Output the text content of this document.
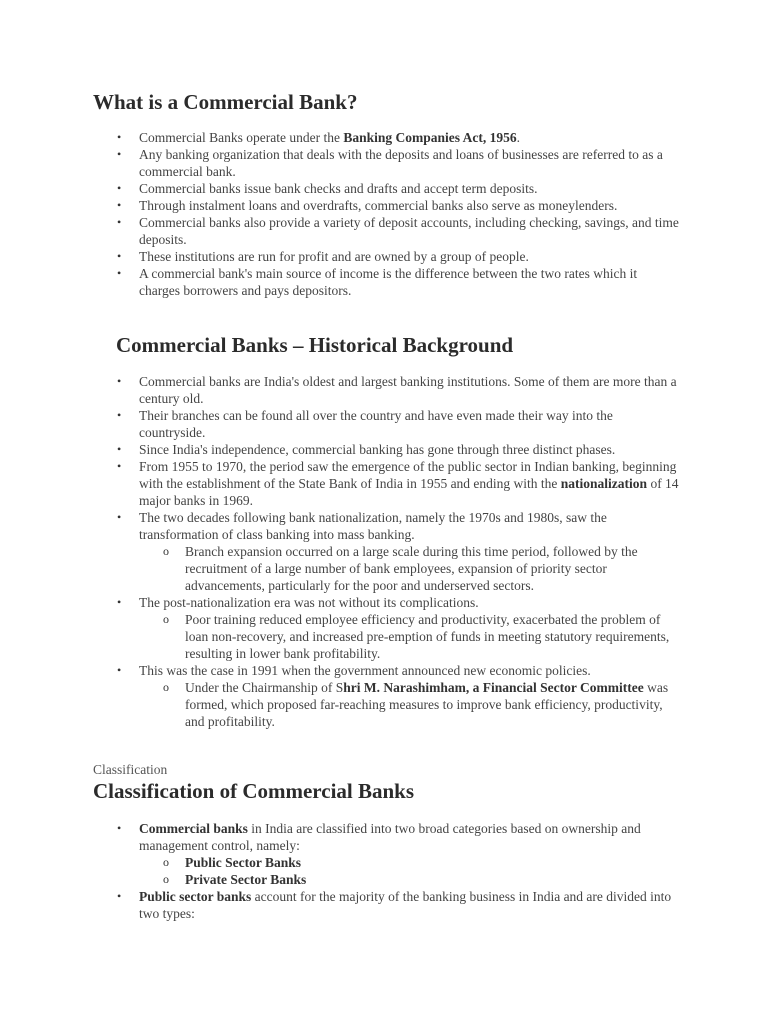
What is a Commercial Bank?
• Commercial Banks operate under the Banking Companies Act, 1956.
• Any banking organization that deals with the deposits and loans of businesses are referred to as a commercial bank.
• Commercial banks issue bank checks and drafts and accept term deposits.
• Through instalment loans and overdrafts, commercial banks also serve as moneylenders.
• Commercial banks also provide a variety of deposit accounts, including checking, savings, and time deposits.
• These institutions are run for profit and are owned by a group of people.
• A commercial bank's main source of income is the difference between the two rates which it charges borrowers and pays depositors.
Commercial Banks – Historical Background
• Commercial banks are India's oldest and largest banking institutions. Some of them are more than a century old.
• Their branches can be found all over the country and have even made their way into the countryside.
• Since India's independence, commercial banking has gone through three distinct phases.
• From 1955 to 1970, the period saw the emergence of the public sector in Indian banking, beginning with the establishment of the State Bank of India in 1955 and ending with the nationalization of 14 major banks in 1969.
• The two decades following bank nationalization, namely the 1970s and 1980s, saw the transformation of class banking into mass banking.
o Branch expansion occurred on a large scale during this time period, followed by the recruitment of a large number of bank employees, expansion of priority sector advancements, particularly for the poor and underserved sectors.
• The post-nationalization era was not without its complications.
o Poor training reduced employee efficiency and productivity, exacerbated the problem of loan non-recovery, and increased pre-emption of funds in meeting statutory requirements, resulting in lower bank profitability.
• This was the case in 1991 when the government announced new economic policies.
o Under the Chairmanship of Shri M. Narashimham, a Financial Sector Committee was formed, which proposed far-reaching measures to improve bank efficiency, productivity, and profitability.
Classification
Classification of Commercial Banks
• Commercial banks in India are classified into two broad categories based on ownership and management control, namely:
o Public Sector Banks
o Private Sector Banks
• Public sector banks account for the majority of the banking business in India and are divided into two types:
